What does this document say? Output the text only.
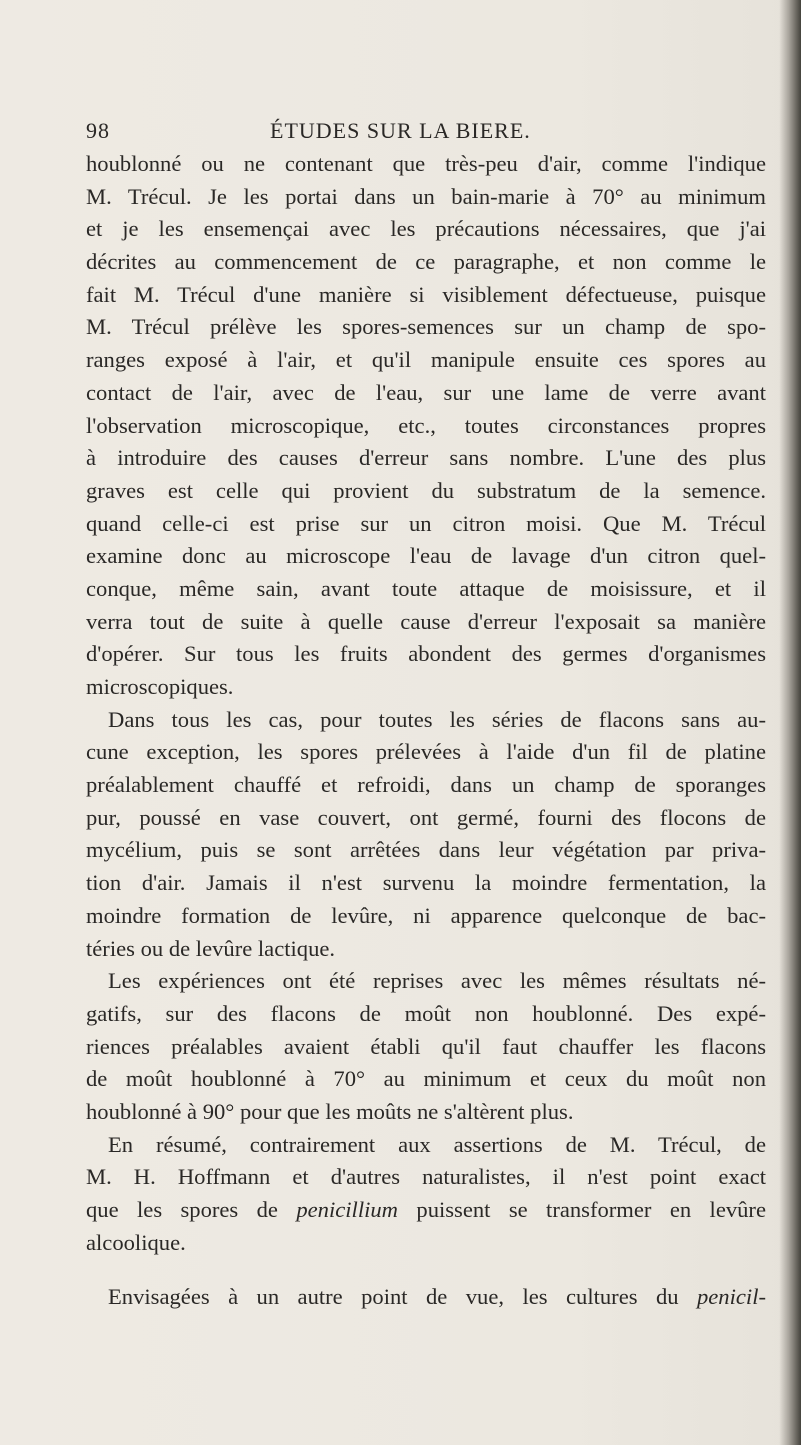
98	ÉTUDES SUR LA BIERE.
houblonné ou ne contenant que très-peu d'air, comme l'indique
M. Trécul. Je les portai dans un bain-marie à 70° au minimum
et je les ensemençai avec les précautions nécessaires, que j'ai
décrites au commencement de ce paragraphe, et non comme le
fait M. Trécul d'une manière si visiblement défectueuse, puisque
M. Trécul prélève les spores-semences sur un champ de spo-
ranges exposé à l'air, et qu'il manipule ensuite ces spores au
contact de l'air, avec de l'eau, sur une lame de verre avant
l'observation microscopique, etc., toutes circonstances propres
à introduire des causes d'erreur sans nombre. L'une des plus
graves est celle qui provient du substratum de la semence.
quand celle-ci est prise sur un citron moisi. Que M. Trécul
examine donc au microscope l'eau de lavage d'un citron quel-
conque, même sain, avant toute attaque de moisissure, et il
verra tout de suite à quelle cause d'erreur l'exposait sa manière
d'opérer. Sur tous les fruits abondent des germes d'organismes
microscopiques.
Dans tous les cas, pour toutes les séries de flacons sans au-
cune exception, les spores prélevées à l'aide d'un fil de platine
préalablement chauffé et refroidi, dans un champ de sporanges
pur, poussé en vase couvert, ont germé, fourni des flocons de
mycélium, puis se sont arrêtées dans leur végétation par priva-
tion d'air. Jamais il n'est survenu la moindre fermentation, la
moindre formation de levûre, ni apparence quelconque de bac-
téries ou de levûre lactique.
Les expériences ont été reprises avec les mêmes résultats né-
gatifs, sur des flacons de moût non houblonné. Des expé-
riences préalables avaient établi qu'il faut chauffer les flacons
de moût houblonné à 70° au minimum et ceux du moût non
houblonné à 90° pour que les moûts ne s'altèrent plus.
En résumé, contrairement aux assertions de M. Trécul, de
M. H. Hoffmann et d'autres naturalistes, il n'est point exact
que les spores de penicillium puissent se transformer en levûre
alcoolique.
Envisagées à un autre point de vue, les cultures du penicil-
